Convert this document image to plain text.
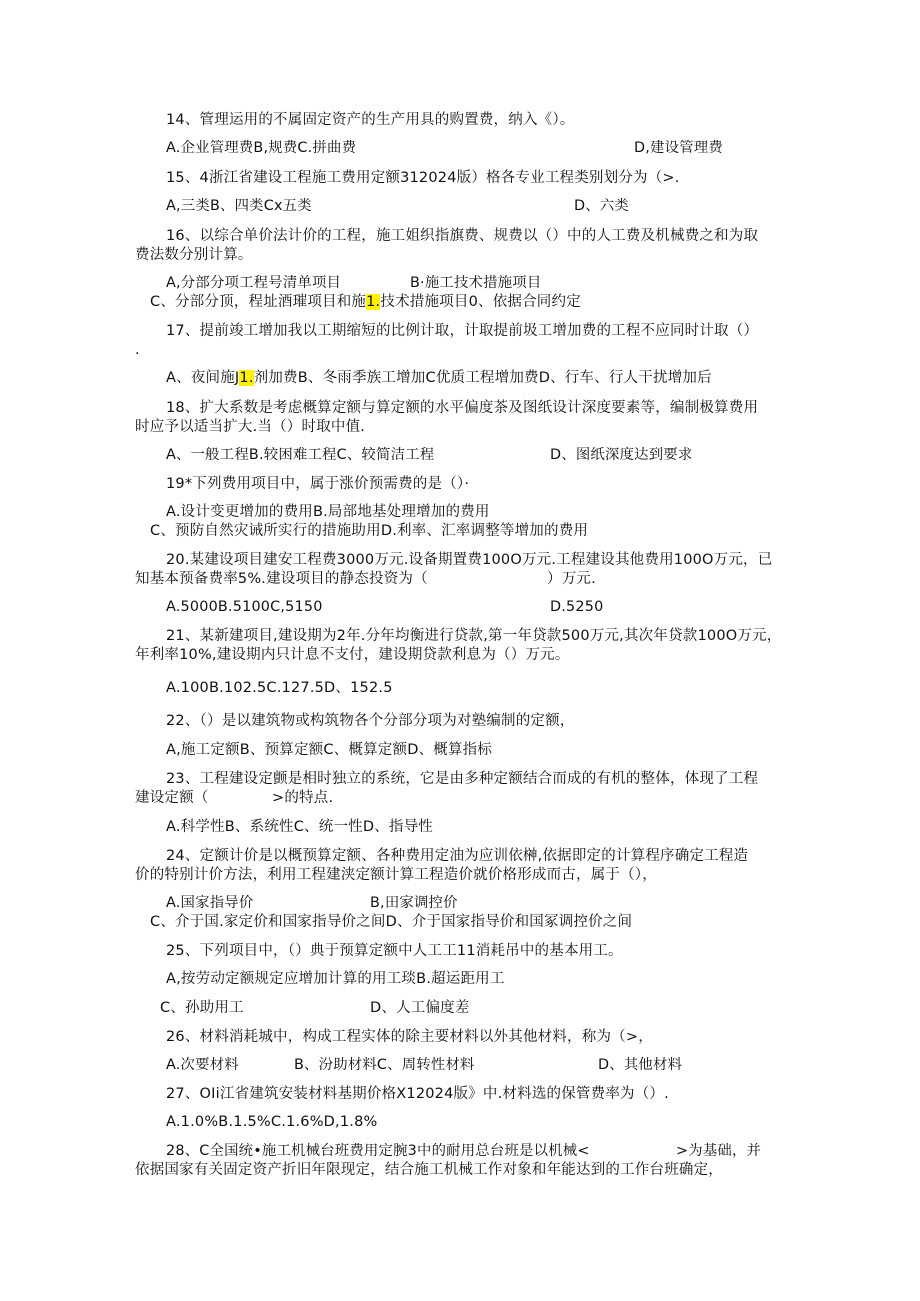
14、管理运用的不属固定资产的生产用具的购置费，纳入《）。
A.企业管理费B,规费C.拼曲费	D,建设管理费
15、4浙江省建设工程施工费用定额312024版）格各专业工程类别划分为（>.
A,三类B、四类Cx五类	D、六类
16、以综合单价法计价的工程，施工姐织指旗费、规费以（）中的人工费及机械费之和为取
费法数分别计算。
A,分部分项工程号清单项目	B·施工技术措施项目
C、分部分顶，程址酒璀项目和施1.技术措施项目0、依据合同约定
17、提前竣工增加我以工期缩短的比例计取，计取提前圾工增加费的工程不应同时计取（）
.
A、夜间施J1.剂加费B、冬雨季族工增加C优质工程增加费D、行车、行人干扰增加后
18、扩大系数是考虑概算定额与算定额的水平偏度茶及图纸设计深度要素等，编制极算费用
时应予以适当扩大.当（）时取中值.
A、一般工程B.较困难工程C、较简洁工程	D、图纸深度达到要求
19*下列费用项目中，属于涨价预需费的是（）·
A.设计变更增加的费用B.局部地基处理增加的费用
C、预防自然灾诫所实行的措施助用D.利率、汇率调整等增加的费用
20.某建设项目建安工程费3000万元.设备期置费100O万元.工程建设其他费用100O万元，已
知基本预备费率5%.建设项目的静态投资为（	）万元.
A.5000B.5100C,5150	D.5250
21、某新建项目,建设期为2年.分年均衡进行贷款,第一年贷款500万元,其次年贷款100O万元，
年利率10%,建设期内只计息不支付，建设期贷款利息为（）万元。
A.100B.102.5C.127.5D、152.5
22、（）是以建筑物或构筑物各个分部分项为对塾编制的定额，
A,施工定额B、预算定额C、概算定额D、概算指标
23、工程建设定颤是相时独立的系统，它是由多种定额结合而成的有机的整体，体现了工程
建设定额（	>的特点.
A.科学性B、系统性C、统一性D、指导性
24、定额计价是以概预算定额、各种费用定油为应训依榊,依据即定的计算程序确定工程造
价的特别计价方法，利用工程建浃定额计算工程造价就价格形成而古，属于（），
A.国家指导价	B,田家调控价
C、介于国.家定价和国家指导价之间D、介于国家指导价和国冢调控价之间
25、下列项目中，（）典于预算定额中人工工11消耗吊中的基本用工。
A,按劳动定额规定应增加计算的用工琰B.超运距用工
C、孙助用工	D、人工偏度差
26、材料消耗城中，构成工程实体的除主要材料以外其他材料，称为（>，
A.次要材料	B、汾助材料C、周转性材料	D、其他材料
27、OIi江省建筑安装材料基期价格X12024版》中.材料选的保管费率为（）.
A.1.0%B.1.5%C.1.6%D,1.8%
28、C全国统•施工机械台班费用定腕3中的耐用总台班是以机械<	>为基础，并
依据国家有关固定资产折旧年限现定，结合施工机械工作对象和年能达到的工作台班确定，
